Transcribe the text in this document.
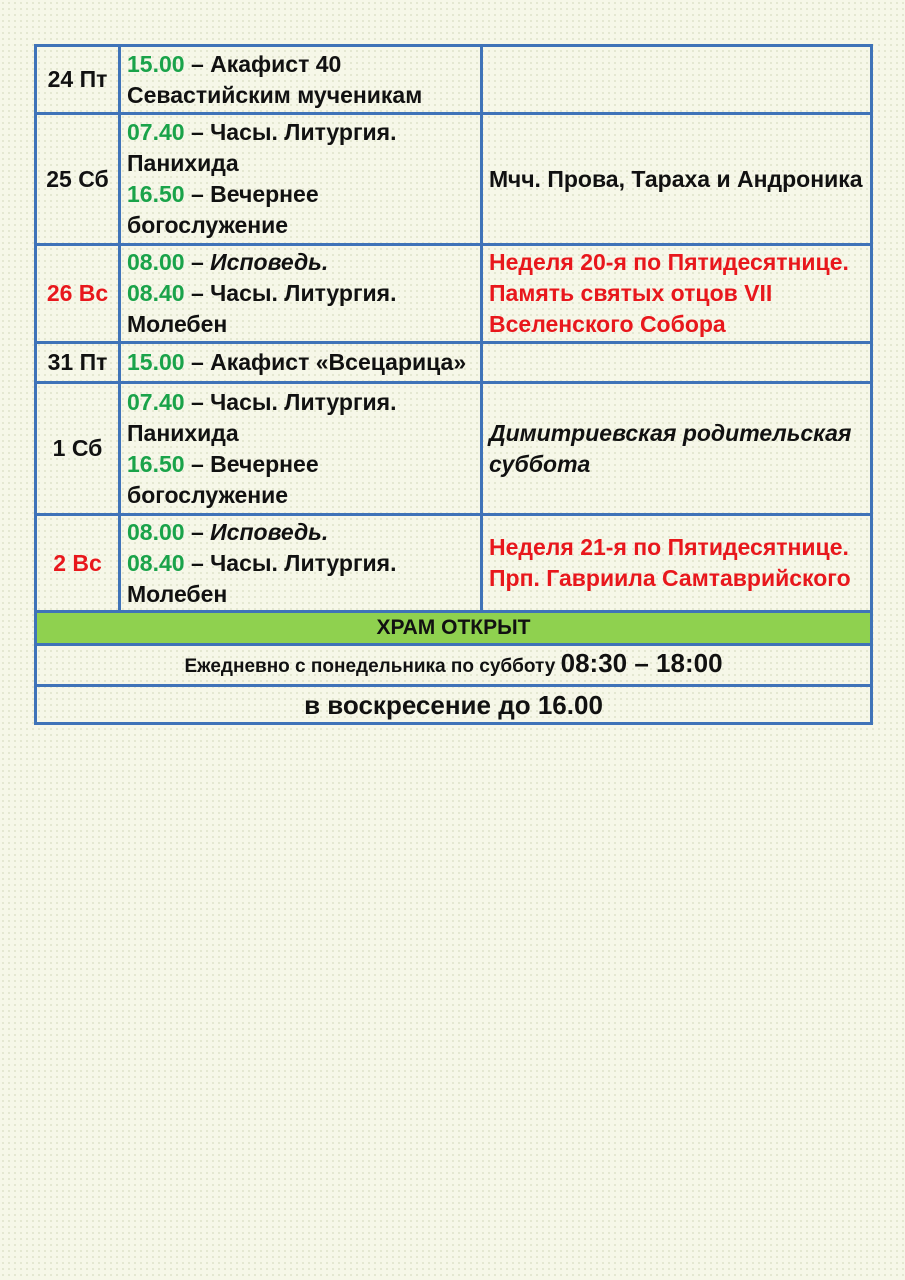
24 Пт	15.00 – Акафист 40
Севастийским мученикам	

25 Сб	07.40 – Часы. Литургия.
Панихида
16.50 – Вечернее
богослужение	Мчч. Прова, Тараха и Андроника

26 Вс	08.00 – Исповедь.
08.40 – Часы. Литургия.
Молебен	Неделя 20-я по Пятидесятнице.
Память святых отцов VII
Вселенского Собора

31 Пт	15.00 – Акафист «Всецарица»	

1 Сб	07.40 – Часы. Литургия.
Панихида
16.50 – Вечернее
богослужение	Димитриевская родительская
суббота

2 Вс	08.00 – Исповедь.
08.40 – Часы. Литургия.
Молебен	Неделя 21-я по Пятидесятнице.
Прп. Гавриила Самтаврийского

ХРАМ ОТКРЫТ		
Ежедневно с понедельника по субботу 08:30 – 18:00		
в воскресение до 16.00		
